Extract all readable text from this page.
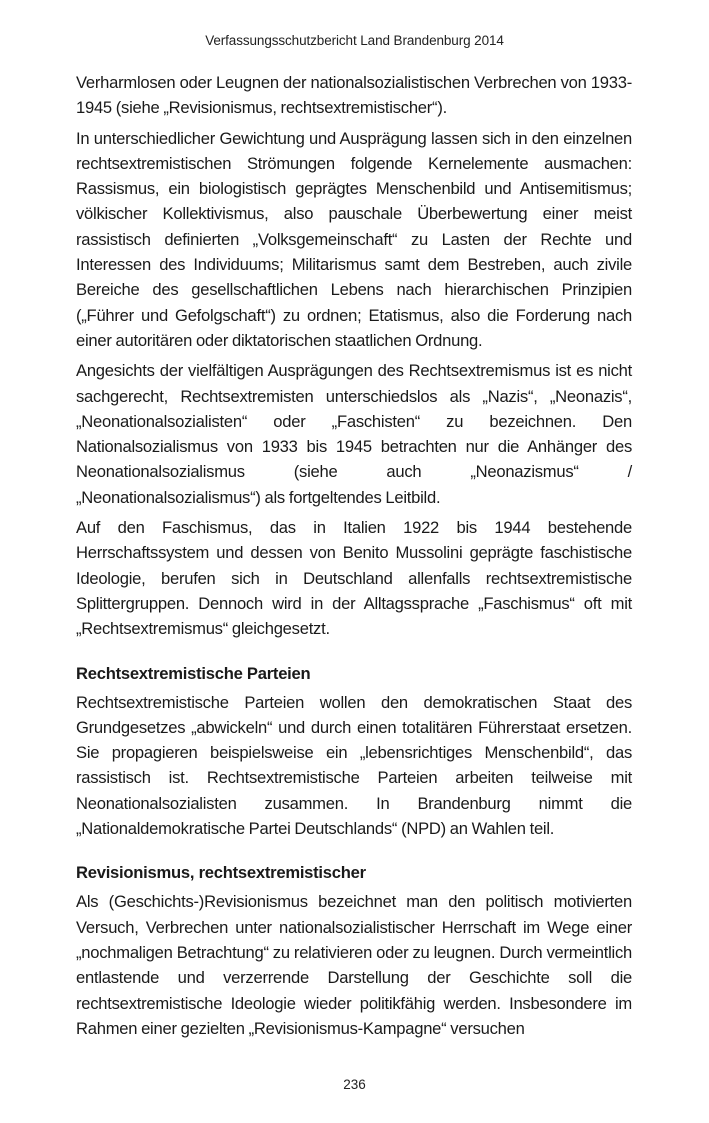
Verfassungsschutzbericht Land Brandenburg 2014

Verharmlosen oder Leugnen der nationalsozialistischen Verbrechen von 1933-1945 (siehe „Revisionismus, rechtsextremistischer“).

In unterschiedlicher Gewichtung und Ausprägung lassen sich in den einzelnen rechtsextremistischen Strömungen folgende Kernelemente ausmachen: Rassismus, ein biologistisch geprägtes Menschenbild und Antisemitismus; völkischer Kollektivismus, also pauschale Überbewertung einer meist rassistisch definierten „Volksgemeinschaft“ zu Lasten der Rechte und Interessen des Individuums; Militarismus samt dem Bestreben, auch zivile Bereiche des gesellschaftlichen Lebens nach hierarchischen Prinzipien („Führer und Gefolgschaft“) zu ordnen; Etatismus, also die Forderung nach einer autoritären oder diktatorischen staatlichen Ordnung.

Angesichts der vielfältigen Ausprägungen des Rechtsextremismus ist es nicht sachgerecht, Rechtsextremisten unterschiedslos als „Nazis“, „Neonazis“, „Neonationalsozialisten“ oder „Faschisten“ zu bezeichnen. Den Nationalsozialismus von 1933 bis 1945 betrachten nur die Anhänger des Neonationalsozialismus (siehe auch „Neonazismus“ / „Neonationalsozialismus“) als fortgeltendes Leitbild.

Auf den Faschismus, das in Italien 1922 bis 1944 bestehende Herrschaftssystem und dessen von Benito Mussolini geprägte faschistische Ideologie, berufen sich in Deutschland allenfalls rechtsextremistische Splittergruppen. Dennoch wird in der Alltagssprache „Faschismus“ oft mit „Rechtsextremismus“ gleichgesetzt.

Rechtsextremistische Parteien

Rechtsextremistische Parteien wollen den demokratischen Staat des Grundgesetzes „abwickeln“ und durch einen totalitären Führerstaat ersetzen. Sie propagieren beispielsweise ein „lebensrichtiges Menschenbild“, das rassistisch ist. Rechtsextremistische Parteien arbeiten teilweise mit Neonationalsozialisten zusammen. In Brandenburg nimmt die „Nationaldemokratische Partei Deutschlands“ (NPD) an Wahlen teil.

Revisionismus, rechtsextremistischer

Als (Geschichts-)Revisionismus bezeichnet man den politisch motivierten Versuch, Verbrechen unter nationalsozialistischer Herrschaft im Wege einer „nochmaligen Betrachtung“ zu relativieren oder zu leugnen. Durch vermeintlich entlastende und verzerrende Darstellung der Geschichte soll die rechtsextremistische Ideologie wieder politikfähig werden. Insbesondere im Rahmen einer gezielten „Revisionismus-Kampagne“ versuchen

236
